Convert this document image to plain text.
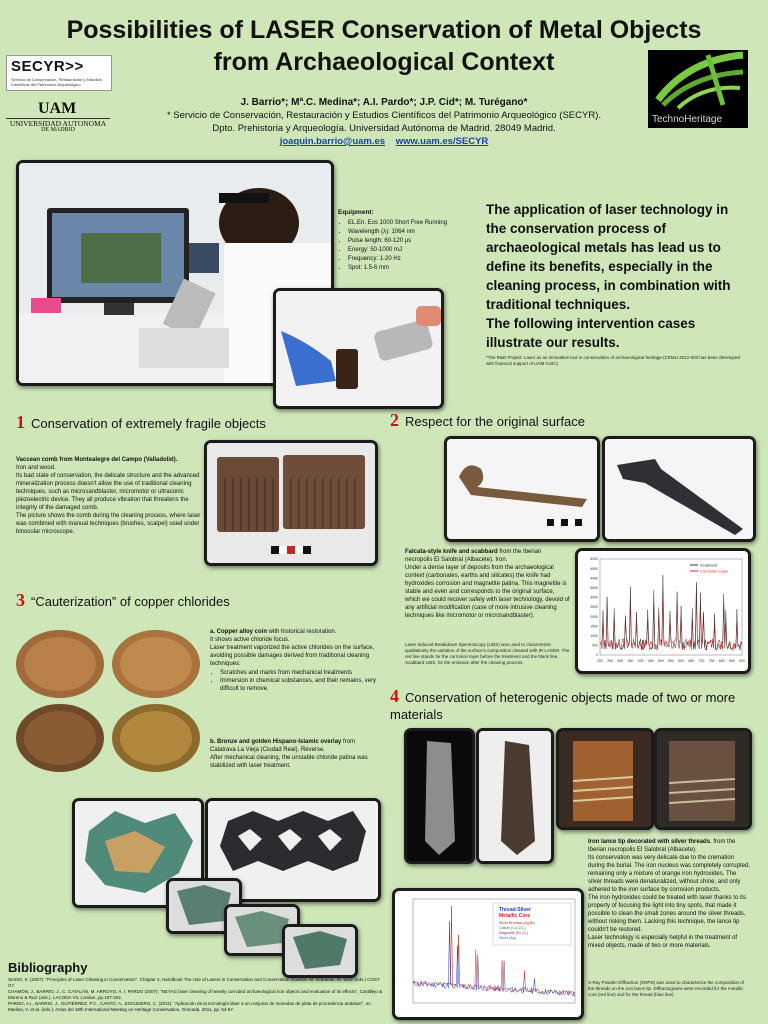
Possibilities of LASER Conservation of Metal Objects
from Archaeological Context
SECYR>>
Servicio de Conservación, Restauración y Estudios Científicos del Patrimonio Arqueológico
UAM
UNIVERSIDAD AUTONOMA
DE MADRID
TechnoHeritage
J. Barrio*; Mª.C. Medina*; A.I. Pardo*; J.P. Cid*; M. Turégano*
* Servicio de Conservación, Restauración y Estudios Científicos del Patrimonio Arqueológico (SECYR).
Dpto. Prehistoria y Arqueología. Universidad Autónoma de Madrid. 28049 Madrid.
joaquin.barrio@uam.es www.uam.es/SECYR
Equipment:
• EL.En. Eos 1000 Short Free Running
• Wavelength (λ): 1064 nm
• Pulse length: 60-120 µs
• Energy: 50-1000 mJ
• Frequency: 1-20 Hz
• Spot: 1.5-6 mm
The application of laser technology in the conservation process of archaeological metals has lead us to define its benefits, especially in the cleaning process, in combination with traditional techniques.
The following intervention cases illustrate our results.
*The R&D Project: Laser as an innovative tool in conservation of archaeological heritage (CEMU 2012-003 has been developed with financial support of UAM-CSIC).
1 Conservation of extremely fragile objects
Vaccean comb from Montealegre del Campo (Valladolid).
Iron and wood.
Its bad state of conservation, the delicate structure and the advanced mineralization process doesn't allow the use of traditional cleaning techniques, such as microsandblaster, micromotor or ultrasonic piezoelectric device. They all produce vibration that threatens the integrity of the damaged comb.
The picture shows the comb during the cleaning process, where laser was combined with manual techniques (brushes, scalpel) used under binocular microscope.
2 Respect for the original surface
Falcata-style knife and scabbard from the Iberian necropolis El Salobral (Albacete). Iron.
Under a dense layer of deposits from the archaeological context (carbonates, earths and silicates) the knife had hydroxides corrosion and magnetite patina. This magnetite is stable and even and corresponds to the original surface, which we could recover safely with laser technology, devoid of any artificial modification (case of more intrusive cleaning techniques like micromotor or microsandblaster).
Laser Induced Breakdown Spectroscopy (LIBS) was used to characterize qualitatively the variation of the surface's composition cleaned with IR LASER. The red line stands for the corrosion layer before the treatment and the black line, Scabbard LIBS, for the emission after the cleaning process.	200 250 300 350 400 450 500 550 600 650 700 750 800 850 900
0
500
1000
1500
2000
2500
3000
3500
4000
4500
5000
Scabbard
Corrosion Layer
3 “Cauterization” of copper chlorides
a. Copper alloy coin with historical restoration.
It shows active chloride focus.
Laser treatment vaporized the active chlorides on the surface, avoiding possible damages derived from traditional cleaning techniques:
• Scratches and marks from mechanical treatments
• Immersion in chemical substances, and their remains, very difficult to remove.
b. Bronze and golden Hispano-Islamic overlay from Calatrava La Vieja (Ciudad Real). Reverse.
After mechanical cleaning, the unstable chloride patina was stabilized with laser treatment.
4 Conservation of heterogenic objects made of two or more materials
Iron lance tip decorated with silver threads, from the Iberian necropolis El Salobral (Albacete).
Its conservation was very delicate due to the cremation during the burial. The iron nucleus was completely corrupted, remaining only a mixture of orange iron hydroxides. The silver threads were denaturalized, without shine, and only adhered to the iron surface by corrosion products.
The iron hydroxides could be treated with laser thanks to its property of focusing the light into tiny spots, that made it possible to clean the small zones around the silver threads, without risking them. Lacking this technique, the lance tip couldn't be restored.
Laser technology is especially helpful in the treatment of mixed objects, made of two or more materials.
X-Ray Powder Diffraction (XRPD) was used to characterize the composition of the threads on the iron lance tip. Diffractograms were recorded for the metallic core (red line) and for the thread (blue line).
Thread-Silver
Metallic Core
Silver Bromide (Ag Br)
Calcite (Ca CO₃)
Magnetite (Fe₃O₄)
Silver (Ag)
Bibliography

SIANO, S. (2007): "Principles of Laser Cleaning in Conservation". Chapter 2, Handbook The Use of Lasers in Conservation and Conservation Science. M. Schreiner, M. Strlič (eds.) COST G7.

CHAMÓN, J., BARRIO, J., C. CATALÁN, M. ARROYO, A. I. PARDO (2007): "NEYAG laser cleaning of heavily corroded archaeological iron objects and evaluation of its effects", Castillejo & Moreno & Ruiz (eds.). LACONA VII, London, pp.197-202.

PARDO, A.I., BARRIO, J., GUTIÉRREZ, P.C., CANTO, A., ESCUDERO, C. (2011): "Aplicación de la tecnología láser a un conjunto de monedas de plata de procedencia andalusí", en Medina, V. et al. (eds.): Actas del 18th International Meeting on Heritage Conservation, Granada, 2011, pp. 54-57.
